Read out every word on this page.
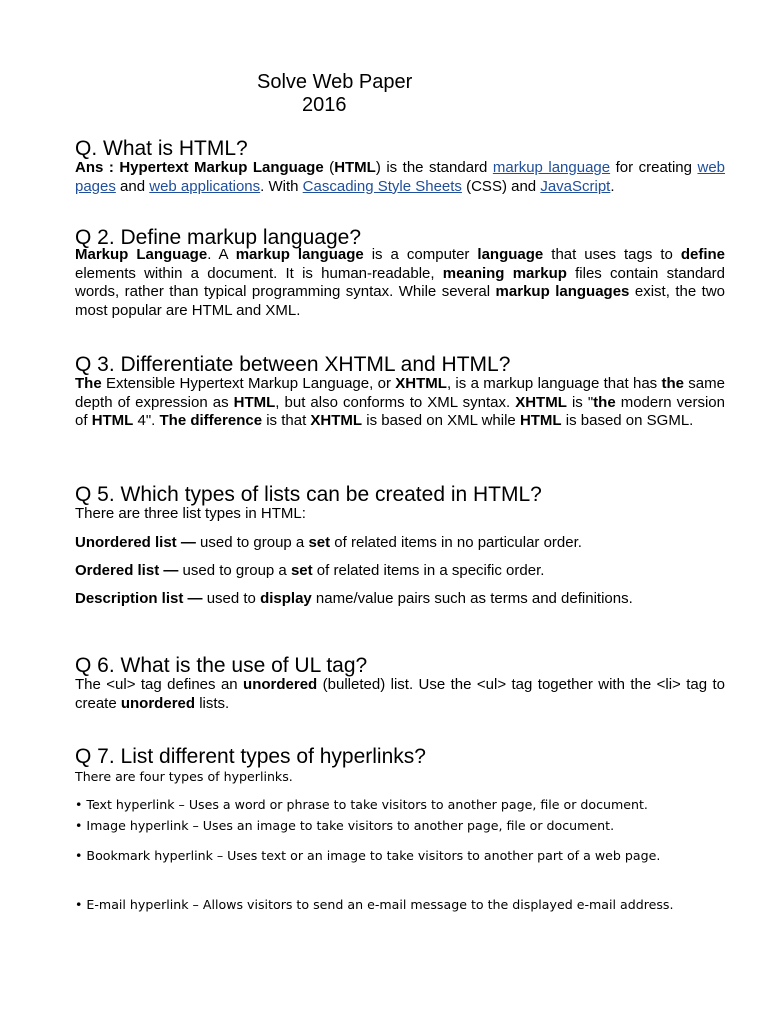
Solve Web Paper
2016
Q. What is HTML?
Ans : Hypertext Markup Language (HTML) is the standard markup language for creating web pages and web applications. With Cascading Style Sheets (CSS) and JavaScript.
Q 2. Define markup language?
Markup Language. A markup language is a computer language that uses tags to define elements within a document. It is human-readable, meaning markup files contain standard words, rather than typical programming syntax. While several markup languages exist, the two most popular are HTML and XML.
Q 3. Differentiate between XHTML and HTML?
The Extensible Hypertext Markup Language, or XHTML, is a markup language that has the same depth of expression as HTML, but also conforms to XML syntax. XHTML is "the modern version of HTML 4". The difference is that XHTML is based on XML while HTML is based on SGML.
Q 5. Which types of lists can be created in HTML?
There are three list types in HTML:
Unordered list — used to group a set of related items in no particular order.
Ordered list — used to group a set of related items in a specific order.
Description list — used to display name/value pairs such as terms and definitions.
Q 6. What is the use of UL tag?
The <ul> tag defines an unordered (bulleted) list. Use the <ul> tag together with the <li> tag to create unordered lists.
Q 7. List different types of hyperlinks?
There are four types of hyperlinks.
• Text hyperlink – Uses a word or phrase to take visitors to another page, file or document.
• Image hyperlink – Uses an image to take visitors to another page, file or document.
• Bookmark hyperlink – Uses text or an image to take visitors to another part of a web page.
• E-mail hyperlink – Allows visitors to send an e-mail message to the displayed e-mail address.
